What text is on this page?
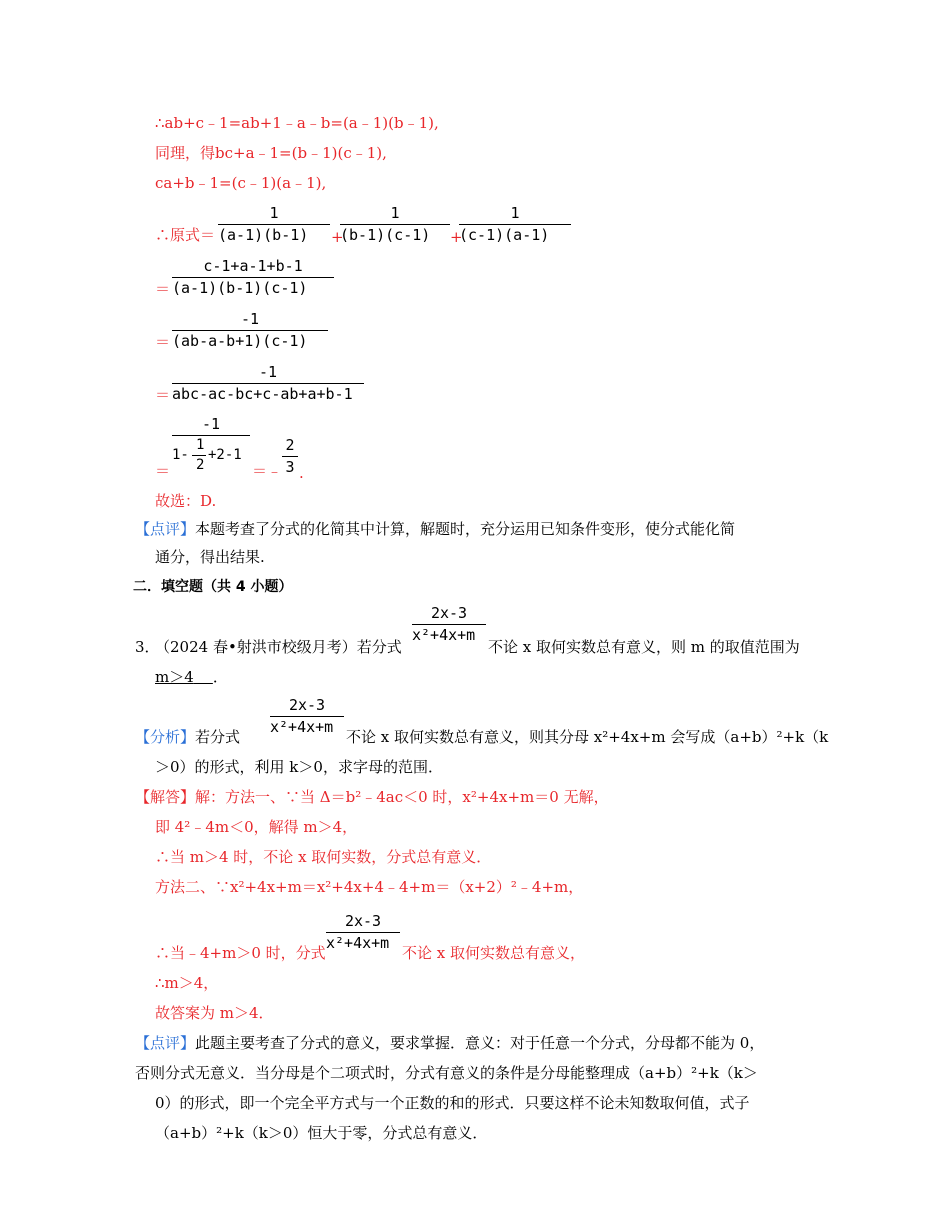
∴ab+c﹣1=ab+1﹣a﹣b=(a﹣1)(b﹣1),
同理，得bc+a﹣1=(b﹣1)(c﹣1),
ca+b﹣1=(c﹣1)(a﹣1),
∴原式＝
1
(a-1)(b-1)	+
1
(b-1)(c-1)	+
1
(c-1)(a-1)
＝
c-1+a-1+b-1
(a-1)(b-1)(c-1)
＝
-1
(ab-a-b+1)(c-1)
＝
-1
abc-ac-bc+c-ab+a+b-1
＝
-1
1-
1
2
+2-1
＝﹣
2
3 .
故选：D.
【点评】本题考查了分式的化简其中计算，解题时，充分运用已知条件变形，使分式能化简
通分，得出结果.
二．填空题（共 4 小题）
2x-3
x²+4x+m
3．
（2024 春•射洪市校级月考）若分式	不论 x 取何实数总有意义，则 m 的取值范围为
m＞4 ．
2x-3
x²+4x+m
【分析】若分式	不论 x 取何实数总有意义，则其分母 x²+4x+m 会写成（a+b）²+k（k
＞0）的形式，利用 k＞0，求字母的范围．
【解答】解：方法一、∵当 Δ＝b²﹣4ac＜0 时，x²+4x+m＝0 无解，
即 4²﹣4m＜0，解得 m＞4，
∴当 m＞4 时，不论 x 取何实数，分式总有意义．
方法二、∵x²+4x+m＝x²+4x+4﹣4+m＝（x+2）²﹣4+m，
2x-3
x²+4x+m
∴当﹣4+m＞0 时，分式	不论 x 取何实数总有意义，
∴m＞4，
故答案为 m＞4．
【点评】此题主要考查了分式的意义，要求掌握．意义：对于任意一个分式，分母都不能为 0，
否则分式无意义．当分母是个二项式时，分式有意义的条件是分母能整理成（a+b）²+k（k＞
0）的形式，即一个完全平方式与一个正数的和的形式．只要这样不论未知数取何值，式子
（a+b）²+k（k＞0）恒大于零，分式总有意义．
